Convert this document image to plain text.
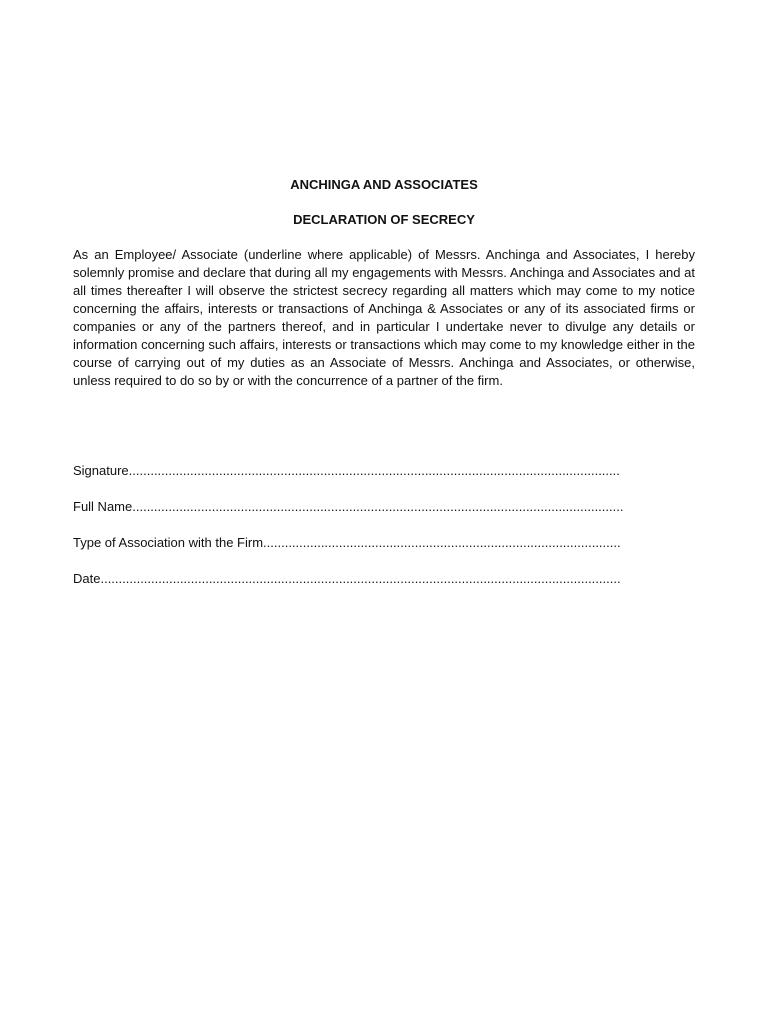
ANCHINGA AND ASSOCIATES

DECLARATION OF SECRECY

As an Employee/ Associate (underline where applicable) of Messrs. Anchinga and Associates, I hereby solemnly promise and declare that during all my engagements with Messrs. Anchinga and Associates and at all times thereafter I will observe the strictest secrecy regarding all matters which may come to my notice concerning the affairs, interests or transactions of Anchinga & Associates or any of its associated firms or companies or any of the partners thereof, and in particular I undertake never to divulge any details or information concerning such affairs, interests or transactions which may come to my knowledge either in the course of carrying out of my duties as an Associate of Messrs. Anchinga and Associates, or otherwise, unless required to do so by or with the concurrence of a partner of the firm.

Signature........................................................................................................................................
Full Name........................................................................................................................................
Type of Association with the Firm...................................................................................................
Date................................................................................................................................................
